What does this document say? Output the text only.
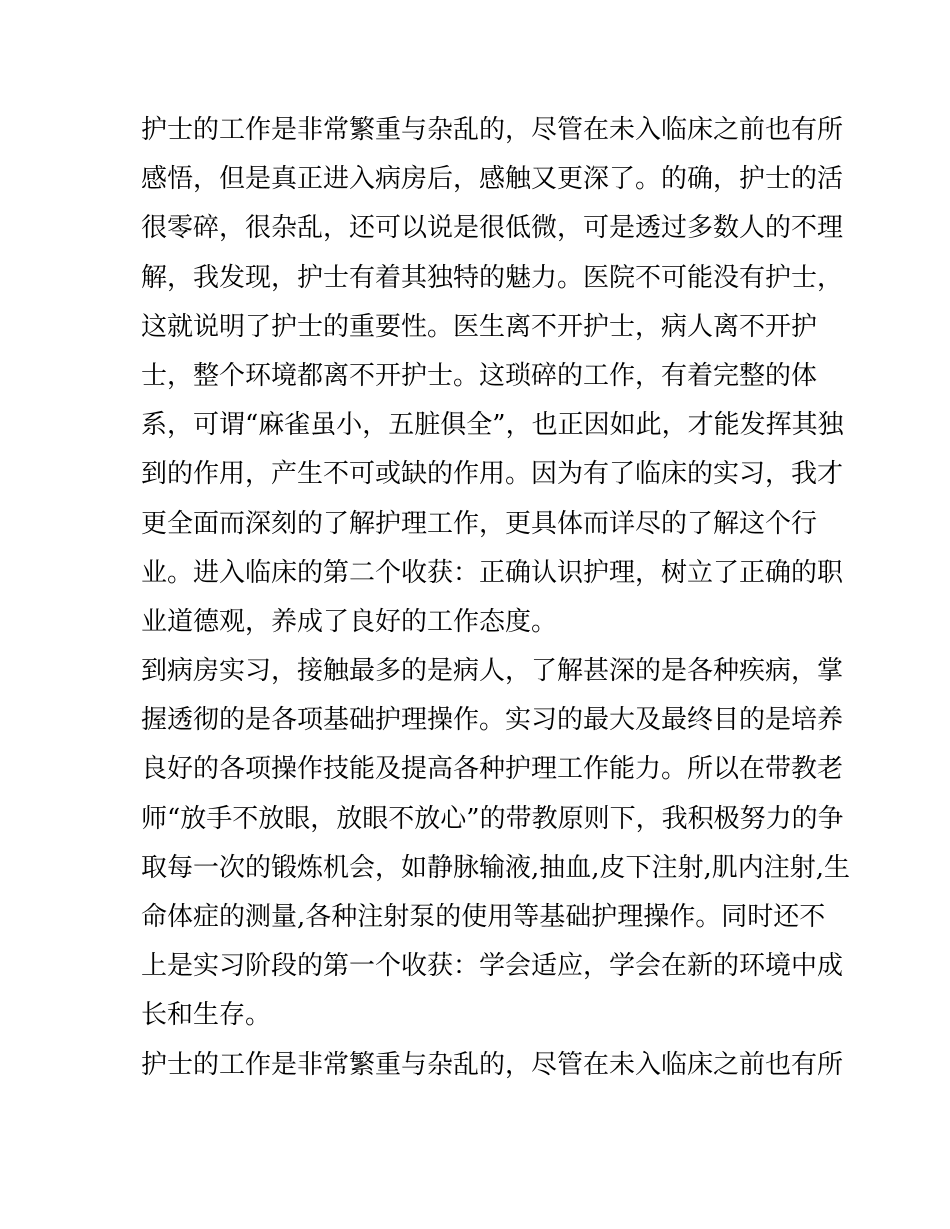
护士的工作是非常繁重与杂乱的，尽管在未入临床之前也有所
感悟，但是真正进入病房后，感触又更深了。的确，护士的活
很零碎，很杂乱，还可以说是很低微，可是透过多数人的不理
解，我发现，护士有着其独特的魅力。医院不可能没有护士，
这就说明了护士的重要性。医生离不开护士，病人离不开护
士，整个环境都离不开护士。这琐碎的工作，有着完整的体
系，可谓“麻雀虽小，五脏俱全”，也正因如此，才能发挥其独
到的作用，产生不可或缺的作用。因为有了临床的实习，我才
更全面而深刻的了解护理工作，更具体而详尽的了解这个行
业。进入临床的第二个收获：正确认识护理，树立了正确的职
业道德观，养成了良好的工作态度。
到病房实习，接触最多的是病人，了解甚深的是各种疾病，掌
握透彻的是各项基础护理操作。实习的最大及最终目的是培养
良好的各项操作技能及提高各种护理工作能力。所以在带教老
师“放手不放眼，放眼不放心”的带教原则下，我积极努力的争
取每一次的锻炼机会，如静脉输液,抽血,皮下注射,肌内注射,生
命体症的测量,各种注射泵的使用等基础护理操作。同时还不
上是实习阶段的第一个收获：学会适应，学会在新的环境中成
长和生存。
护士的工作是非常繁重与杂乱的，尽管在未入临床之前也有所
